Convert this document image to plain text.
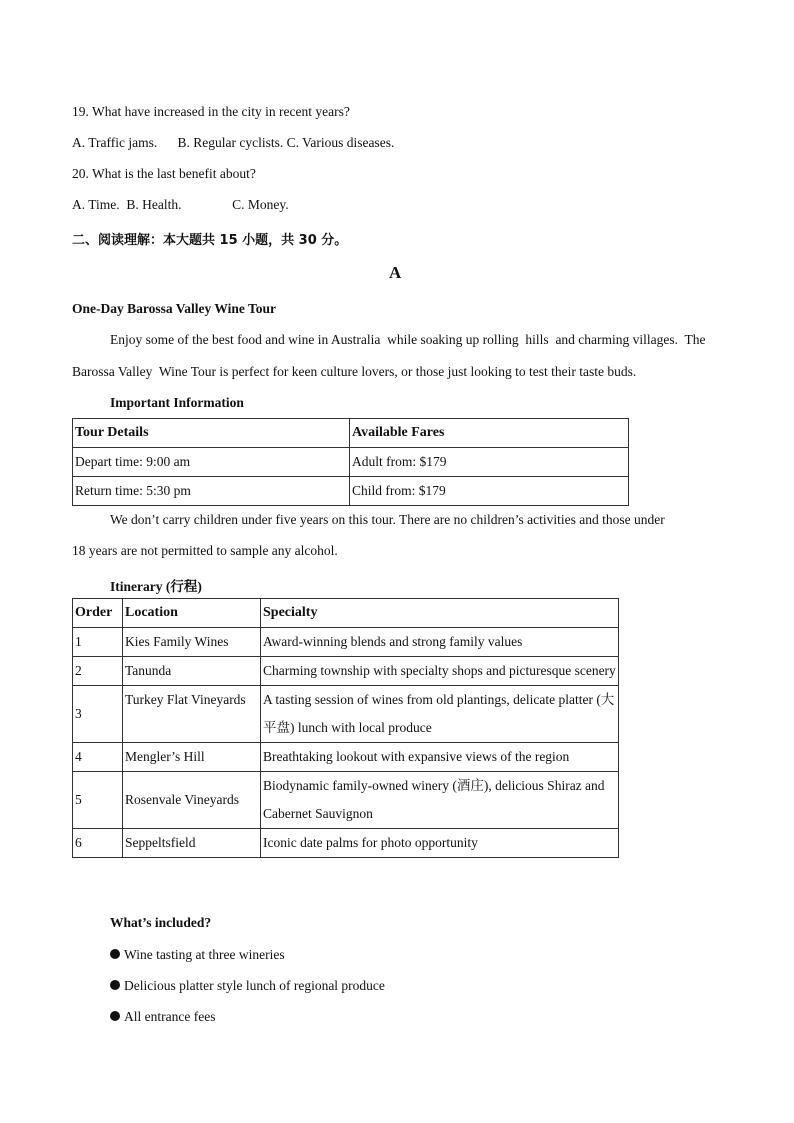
19. What have increased in the city in recent years?
A. Traffic jams.      B. Regular cyclists. C. Various diseases.
20. What is the last benefit about?
A. Time.  B. Health.               C. Money.
二、阅读理解：本大题共 15 小题，共 30 分。
A
One-Day Barossa Valley Wine Tour
Enjoy some of the best food and wine in Australia  while soaking up rolling  hills  and charming villages.  The
Barossa Valley  Wine Tour is perfect for keen culture lovers, or those just looking to test their taste buds.
Important Information
Tour Details	Available Fares
Depart time: 9:00 am	Adult from: $179
Return time: 5:30 pm	Child from: $179
We don’t carry children under five years on this tour. There are no children’s activities and those under
18 years are not permitted to sample any alcohol.
Itinerary (行程)
Order	Location	Specialty
1	Kies Family Wines	Award-winning blends and strong family values
2	Tanunda	Charming township with specialty shops and picturesque scenery
3	Turkey Flat Vineyards	A tasting session of wines from old plantings, delicate platter (大平盘) lunch with local produce
4	Mengler’s Hill	Breathtaking lookout with expansive views of the region
5	Rosenvale Vineyards	Biodynamic family-owned winery (酒庄), delicious Shiraz and Cabernet Sauvignon
6	Seppeltsfield	Iconic date palms for photo opportunity
What’s included?
Wine tasting at three wineries
Delicious platter style lunch of regional produce
All entrance fees
